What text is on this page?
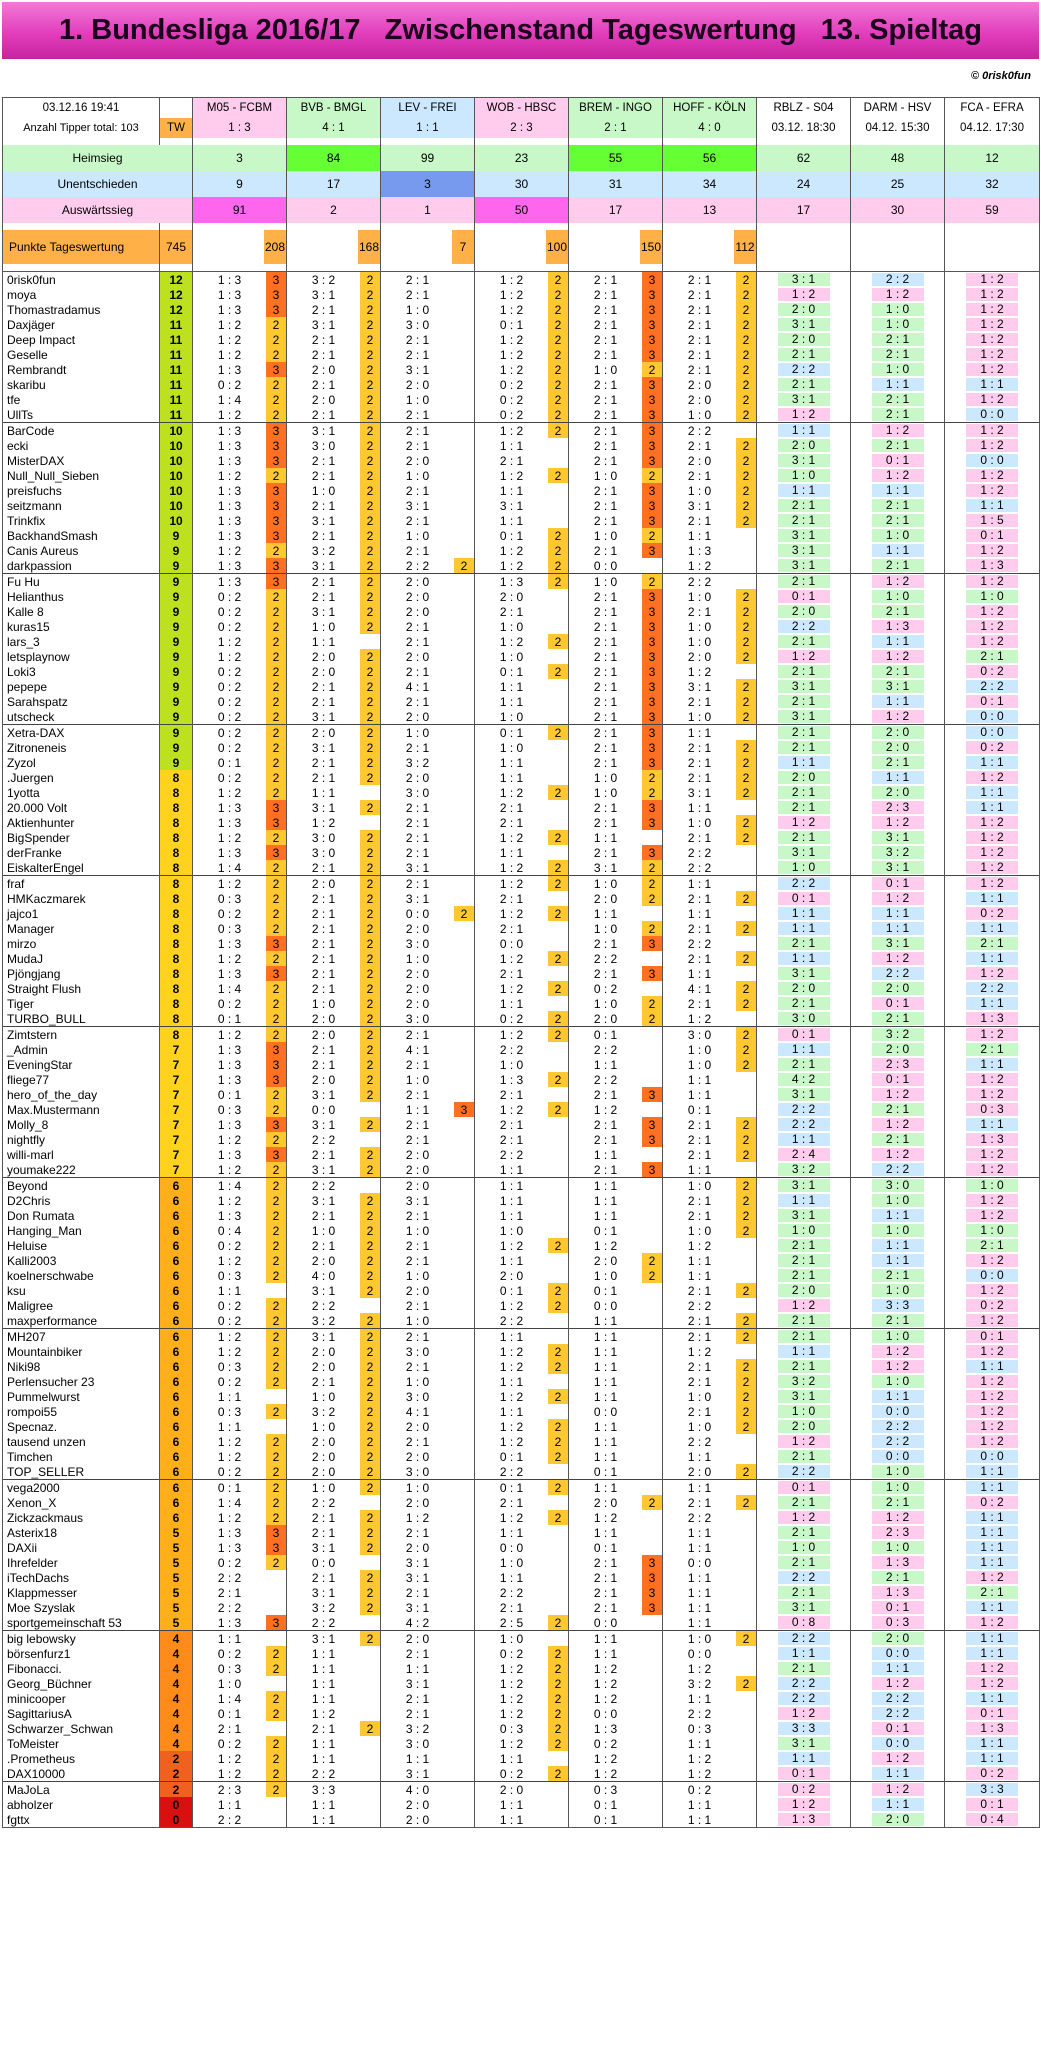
1. Bundesliga 2016/17   Zwischenstand Tageswertung   13. Spieltag
© 0risk0fun
03.12.16 19:41		M05 - FCBM	BVB - BMGL	LEV - FREI	WOB - HBSC	BREM - INGO	HOFF - KÖLN	RBLZ - S04	DARM - HSV	FCA - EFRA
Anzahl Tipper total: 103	TW	1 : 3	4 : 1	1 : 1	2 : 3	2 : 1	4 : 0	03.12. 18:30	04.12. 15:30	04.12. 17:30

Heimsieg		3	84	99	23	55	56	62	48	12
Unentschieden		9	17	3	30	31	34	24	25	32
Auswärtssieg		91	2	1	50	17	13	17	30	59

Punkte Tageswertung	745	208	168	7	100	150	112			

0risk0fun	12	1 : 3 3	3 : 2 2	2 : 1	1 : 2 2	2 : 1 3	2 : 1 2	3 : 1	2 : 2	1 : 2

moya	12	1 : 3 3	3 : 1 2	2 : 1	1 : 2 2	2 : 1 3	2 : 1 2	1 : 2	1 : 2	1 : 2

Thomastradamus	12	1 : 3 3	2 : 1 2	1 : 0	1 : 2 2	2 : 1 3	2 : 1 2	2 : 0	1 : 0	1 : 2

Daxjäger	11	1 : 2 2	3 : 1 2	3 : 0	0 : 1 2	2 : 1 3	2 : 1 2	3 : 1	1 : 0	1 : 2

Deep Impact	11	1 : 2 2	2 : 1 2	2 : 1	1 : 2 2	2 : 1 3	2 : 1 2	2 : 0	2 : 1	1 : 2

Geselle	11	1 : 2 2	2 : 1 2	2 : 1	1 : 2 2	2 : 1 3	2 : 1 2	2 : 1	2 : 1	1 : 2

Rembrandt	11	1 : 3 3	2 : 0 2	3 : 1	1 : 2 2	1 : 0 2	2 : 1 2	2 : 2	1 : 0	1 : 2

skaribu	11	0 : 2 2	2 : 1 2	2 : 0	0 : 2 2	2 : 1 3	2 : 0 2	2 : 1	1 : 1	1 : 1

tfe	11	1 : 4 2	2 : 0 2	1 : 0	0 : 2 2	2 : 1 3	2 : 0 2	3 : 1	2 : 1	1 : 2

UllTs	11	1 : 2 2	2 : 1 2	2 : 1	0 : 2 2	2 : 1 3	1 : 0 2	1 : 2	2 : 1	0 : 0

BarCode	10	1 : 3 3	3 : 1 2	2 : 1	1 : 2 2	2 : 1 3	2 : 2	1 : 1	1 : 2	1 : 2

ecki	10	1 : 3 3	3 : 0 2	2 : 1	1 : 1	2 : 1 3	2 : 1 2	2 : 0	2 : 1	1 : 2

MisterDAX	10	1 : 3 3	2 : 1 2	2 : 0	2 : 1	2 : 1 3	2 : 0 2	3 : 1	0 : 1	0 : 0

Null_Null_Sieben	10	1 : 2 2	2 : 1 2	1 : 0	1 : 2 2	1 : 0 2	2 : 1 2	1 : 0	1 : 2	1 : 2

preisfuchs	10	1 : 3 3	1 : 0 2	2 : 1	1 : 1	2 : 1 3	1 : 0 2	1 : 1	1 : 1	1 : 2

seitzmann	10	1 : 3 3	2 : 1 2	3 : 1	3 : 1	2 : 1 3	3 : 1 2	2 : 1	2 : 1	1 : 1

Trinkfix	10	1 : 3 3	3 : 1 2	2 : 1	1 : 1	2 : 1 3	2 : 1 2	2 : 1	2 : 1	1 : 5

BackhandSmash	9	1 : 3 3	2 : 1 2	1 : 0	0 : 1 2	1 : 0 2	1 : 1	3 : 1	1 : 0	0 : 1

Canis Aureus	9	1 : 2 2	3 : 2 2	2 : 1	1 : 2 2	2 : 1 3	1 : 3	3 : 1	1 : 1	1 : 2

darkpassion	9	1 : 3 3	3 : 1 2	2 : 2 2	1 : 2 2	0 : 0	1 : 2	3 : 1	2 : 1	1 : 3

Fu Hu	9	1 : 3 3	2 : 1 2	2 : 0	1 : 3 2	1 : 0 2	2 : 2	2 : 1	1 : 2	1 : 2

Helianthus	9	0 : 2 2	2 : 1 2	2 : 0	2 : 0	2 : 1 3	1 : 0 2	0 : 1	1 : 0	1 : 0

Kalle 8	9	0 : 2 2	3 : 1 2	2 : 0	2 : 1	2 : 1 3	2 : 1 2	2 : 0	2 : 1	1 : 2

kuras15	9	0 : 2 2	1 : 0 2	2 : 1	1 : 0	2 : 1 3	1 : 0 2	2 : 2	1 : 3	1 : 2

lars_3	9	1 : 2 2	1 : 1	2 : 1	1 : 2 2	2 : 1 3	1 : 0 2	2 : 1	1 : 1	1 : 2

letsplaynow	9	1 : 2 2	2 : 0 2	2 : 0	1 : 0	2 : 1 3	2 : 0 2	1 : 2	1 : 2	2 : 1

Loki3	9	0 : 2 2	2 : 0 2	2 : 1	0 : 1 2	2 : 1 3	1 : 2	2 : 1	2 : 1	0 : 2

pepepe	9	0 : 2 2	2 : 1 2	4 : 1	1 : 1	2 : 1 3	3 : 1 2	3 : 1	3 : 1	2 : 2

Sarahspatz	9	0 : 2 2	2 : 1 2	2 : 1	1 : 1	2 : 1 3	2 : 1 2	2 : 1	1 : 1	0 : 1

utscheck	9	0 : 2 2	3 : 1 2	2 : 0	1 : 0	2 : 1 3	1 : 0 2	3 : 1	1 : 2	0 : 0

Xetra-DAX	9	0 : 2 2	2 : 0 2	1 : 0	0 : 1 2	2 : 1 3	1 : 1	2 : 1	2 : 0	0 : 0

Zitroneneis	9	0 : 2 2	3 : 1 2	2 : 1	1 : 0	2 : 1 3	2 : 1 2	2 : 1	2 : 0	0 : 2

Zyzol	9	0 : 1 2	2 : 1 2	3 : 2	1 : 1	2 : 1 3	2 : 1 2	1 : 1	2 : 1	1 : 1

.Juergen	8	0 : 2 2	2 : 1 2	2 : 0	1 : 1	1 : 0 2	2 : 1 2	2 : 0	1 : 1	1 : 2

1yotta	8	1 : 2 2	1 : 1	3 : 0	1 : 2 2	1 : 0 2	3 : 1 2	2 : 1	2 : 0	1 : 1

20.000 Volt	8	1 : 3 3	3 : 1 2	2 : 1	2 : 1	2 : 1 3	1 : 1	2 : 1	2 : 3	1 : 1

Aktienhunter	8	1 : 3 3	1 : 2	2 : 1	2 : 1	2 : 1 3	1 : 0 2	1 : 2	1 : 2	1 : 2

BigSpender	8	1 : 2 2	3 : 0 2	2 : 1	1 : 2 2	1 : 1	2 : 1 2	2 : 1	3 : 1	1 : 2

derFranke	8	1 : 3 3	3 : 0 2	2 : 1	1 : 1	2 : 1 3	2 : 2	3 : 1	3 : 2	1 : 2

EiskalterEngel	8	1 : 4 2	2 : 1 2	3 : 1	1 : 2 2	3 : 1 2	2 : 2	1 : 0	3 : 1	1 : 2

fraf	8	1 : 2 2	2 : 0 2	2 : 1	1 : 2 2	1 : 0 2	1 : 1	2 : 2	0 : 1	1 : 2

HMKaczmarek	8	0 : 3 2	2 : 1 2	3 : 1	2 : 1	2 : 0 2	2 : 1 2	0 : 1	1 : 2	1 : 1

jajco1	8	0 : 2 2	2 : 1 2	0 : 0 2	1 : 2 2	1 : 1	1 : 1	1 : 1	1 : 1	0 : 2

Manager	8	0 : 3 2	2 : 1 2	2 : 0	2 : 1	1 : 0 2	2 : 1 2	1 : 1	1 : 1	1 : 1

mirzo	8	1 : 3 3	2 : 1 2	3 : 0	0 : 0	2 : 1 3	2 : 2	2 : 1	3 : 1	2 : 1

MudaJ	8	1 : 2 2	2 : 1 2	1 : 0	1 : 2 2	2 : 2	2 : 1 2	1 : 1	1 : 2	1 : 1

Pjöngjang	8	1 : 3 3	2 : 1 2	2 : 0	2 : 1	2 : 1 3	1 : 1	3 : 1	2 : 2	1 : 2

Straight Flush	8	1 : 4 2	2 : 1 2	2 : 0	1 : 2 2	0 : 2	4 : 1 2	2 : 0	2 : 0	2 : 2

Tiger	8	0 : 2 2	1 : 0 2	2 : 0	1 : 1	1 : 0 2	2 : 1 2	2 : 1	0 : 1	1 : 1

TURBO_BULL	8	0 : 1 2	2 : 0 2	3 : 0	0 : 2 2	2 : 0 2	1 : 2	3 : 0	2 : 1	1 : 3

Zimtstern	8	1 : 2 2	2 : 0 2	2 : 1	1 : 2 2	0 : 1	3 : 0 2	0 : 1	3 : 2	1 : 2

_Admin	7	1 : 3 3	2 : 1 2	4 : 1	2 : 2	2 : 2	1 : 0 2	1 : 1	2 : 0	2 : 1

EveningStar	7	1 : 3 3	2 : 1 2	2 : 1	1 : 0	1 : 1	1 : 0 2	2 : 1	2 : 3	1 : 1

fliege77	7	1 : 3 3	2 : 0 2	1 : 0	1 : 3 2	2 : 2	1 : 1	4 : 2	0 : 1	1 : 2

hero_of_the_day	7	0 : 1 2	3 : 1 2	2 : 1	2 : 1	2 : 1 3	1 : 1	3 : 1	1 : 2	1 : 2

Max.Mustermann	7	0 : 3 2	0 : 0	1 : 1 3	1 : 2 2	1 : 2	0 : 1	2 : 2	2 : 1	0 : 3

Molly_8	7	1 : 3 3	3 : 1 2	2 : 1	2 : 1	2 : 1 3	2 : 1 2	2 : 2	1 : 2	1 : 1

nightfly	7	1 : 2 2	2 : 2	2 : 1	2 : 1	2 : 1 3	2 : 1 2	1 : 1	2 : 1	1 : 3

willi-marl	7	1 : 3 3	2 : 1 2	2 : 0	2 : 2	1 : 1	2 : 1 2	2 : 4	1 : 2	1 : 2

youmake222	7	1 : 2 2	3 : 1 2	2 : 0	1 : 1	2 : 1 3	1 : 1	3 : 2	2 : 2	1 : 2

Beyond	6	1 : 4 2	2 : 2	2 : 0	1 : 1	1 : 1	1 : 0 2	3 : 1	3 : 0	1 : 0

D2Chris	6	1 : 2 2	3 : 1 2	3 : 1	1 : 1	1 : 1	2 : 1 2	1 : 1	1 : 0	1 : 2

Don Rumata	6	1 : 3 2	2 : 1 2	2 : 1	1 : 1	1 : 1	2 : 1 2	3 : 1	1 : 1	1 : 2

Hanging_Man	6	0 : 4 2	1 : 0 2	1 : 0	1 : 0	0 : 1	1 : 0 2	1 : 0	1 : 0	1 : 0

Heluise	6	0 : 2 2	2 : 1 2	2 : 1	1 : 2 2	1 : 2	1 : 2	2 : 1	1 : 1	2 : 1

Kalli2003	6	1 : 2 2	2 : 0 2	2 : 1	1 : 1	2 : 0 2	1 : 1	2 : 1	1 : 1	1 : 2

koelnerschwabe	6	0 : 3 2	4 : 0 2	1 : 0	2 : 0	1 : 0 2	1 : 1	2 : 1	2 : 1	0 : 0

ksu	6	1 : 1	3 : 1 2	2 : 0	0 : 1 2	0 : 1	2 : 1 2	2 : 0	1 : 0	1 : 2

Maligree	6	0 : 2 2	2 : 2	2 : 1	1 : 2 2	0 : 0	2 : 2	1 : 2	3 : 3	0 : 2

maxperformance	6	0 : 2 2	3 : 2 2	1 : 0	2 : 2	1 : 1	2 : 1 2	2 : 1	2 : 1	1 : 2

MH207	6	1 : 2 2	3 : 1 2	2 : 1	1 : 1	1 : 1	2 : 1 2	2 : 1	1 : 0	0 : 1

Mountainbiker	6	1 : 2 2	2 : 0 2	3 : 0	1 : 2 2	1 : 1	1 : 2	1 : 1	1 : 2	1 : 2

Niki98	6	0 : 3 2	2 : 0 2	2 : 1	1 : 2 2	1 : 1	2 : 1 2	2 : 1	1 : 2	1 : 1

Perlensucher 23	6	0 : 2 2	2 : 1 2	1 : 0	1 : 1	1 : 1	2 : 1 2	3 : 2	1 : 0	1 : 2

Pummelwurst	6	1 : 1	1 : 0 2	3 : 0	1 : 2 2	1 : 1	1 : 0 2	3 : 1	1 : 1	1 : 2

rompoi55	6	0 : 3 2	3 : 2 2	4 : 1	1 : 1	0 : 0	2 : 1 2	1 : 0	0 : 0	1 : 2

Specnaz.	6	1 : 1	1 : 0 2	2 : 0	1 : 2 2	1 : 1	1 : 0 2	2 : 0	2 : 2	1 : 2

tausend unzen	6	1 : 2 2	2 : 0 2	2 : 1	1 : 2 2	1 : 1	2 : 2	1 : 2	2 : 2	1 : 2

Timchen	6	1 : 2 2	2 : 0 2	2 : 0	0 : 1 2	1 : 1	1 : 1	2 : 1	0 : 0	0 : 0

TOP_SELLER	6	0 : 2 2	2 : 0 2	3 : 0	2 : 2	0 : 1	2 : 0 2	2 : 2	1 : 0	1 : 1

vega2000	6	0 : 1 2	1 : 0 2	1 : 0	0 : 1 2	1 : 1	1 : 1	0 : 1	1 : 0	1 : 1

Xenon_X	6	1 : 4 2	2 : 2	2 : 0	2 : 1	2 : 0 2	2 : 1 2	2 : 1	2 : 1	0 : 2

Zickzackmaus	6	1 : 2 2	2 : 1 2	1 : 2	1 : 2 2	1 : 2	2 : 2	1 : 2	1 : 2	1 : 1

Asterix18	5	1 : 3 3	2 : 1 2	2 : 1	1 : 1	1 : 1	1 : 1	2 : 1	2 : 3	1 : 1

DAXii	5	1 : 3 3	3 : 1 2	2 : 0	0 : 0	0 : 1	1 : 1	1 : 0	1 : 0	1 : 1

Ihrefelder	5	0 : 2 2	0 : 0	3 : 1	1 : 0	2 : 1 3	0 : 0	2 : 1	1 : 3	1 : 1

iTechDachs	5	2 : 2	2 : 1 2	3 : 1	1 : 1	2 : 1 3	1 : 1	2 : 2	2 : 1	1 : 2

Klappmesser	5	2 : 1	3 : 1 2	2 : 1	2 : 2	2 : 1 3	1 : 1	2 : 1	1 : 3	2 : 1

Moe Szyslak	5	2 : 2	3 : 2 2	3 : 1	2 : 1	2 : 1 3	1 : 1	3 : 1	0 : 1	1 : 1

sportgemeinschaft 53	5	1 : 3 3	2 : 2	4 : 2	2 : 5 2	0 : 0	1 : 1	0 : 8	0 : 3	1 : 2

big lebowsky	4	1 : 1	3 : 1 2	2 : 0	1 : 0	1 : 1	1 : 0 2	2 : 2	2 : 0	1 : 1

börsenfurz1	4	0 : 2 2	1 : 1	2 : 1	0 : 2 2	1 : 1	0 : 0	1 : 1	0 : 0	1 : 1

Fibonacci.	4	0 : 3 2	1 : 1	1 : 1	1 : 2 2	1 : 2	1 : 2	2 : 1	1 : 1	1 : 2

Georg_Büchner	4	1 : 0	1 : 1	3 : 1	1 : 2 2	1 : 2	3 : 2 2	2 : 2	1 : 2	1 : 2

minicooper	4	1 : 4 2	1 : 1	2 : 1	1 : 2 2	1 : 2	1 : 1	2 : 2	2 : 2	1 : 1

SagittariusA	4	0 : 1 2	1 : 2	2 : 1	1 : 2 2	0 : 0	2 : 2	1 : 2	2 : 2	0 : 1

Schwarzer_Schwan	4	2 : 1	2 : 1 2	3 : 2	0 : 3 2	1 : 3	0 : 3	3 : 3	0 : 1	1 : 3

ToMeister	4	0 : 2 2	1 : 1	3 : 0	1 : 2 2	0 : 2	1 : 1	3 : 1	0 : 0	1 : 1

.Prometheus	2	1 : 2 2	1 : 1	1 : 1	1 : 1	1 : 2	1 : 2	1 : 1	1 : 2	1 : 1

DAX10000	2	1 : 2 2	2 : 2	3 : 1	0 : 2 2	1 : 2	1 : 2	0 : 1	1 : 1	0 : 2

MaJoLa	2	2 : 3 2	3 : 3	4 : 0	2 : 0	0 : 3	0 : 2	0 : 2	1 : 2	3 : 3

abholzer	0	1 : 1	1 : 1	2 : 0	1 : 1	0 : 1	1 : 1	1 : 2	1 : 1	0 : 1

fgttx	0	2 : 2	1 : 1	2 : 0	1 : 1	0 : 1	1 : 1	1 : 3	2 : 0	0 : 4
